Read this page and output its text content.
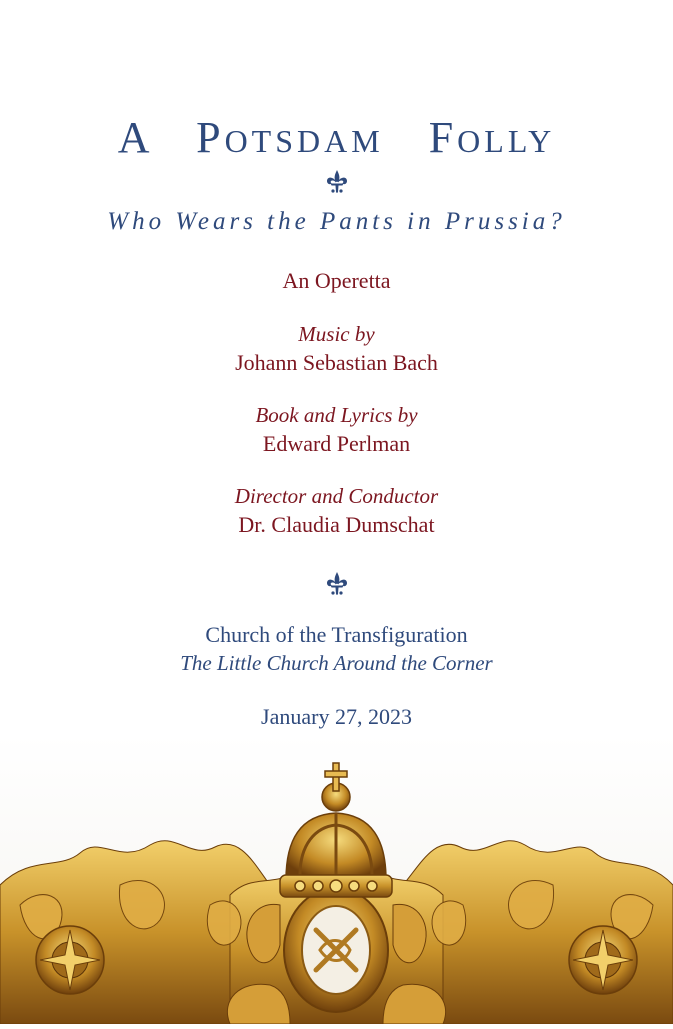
A POTSDAM FOLLY
Who Wears the Pants in Prussia?
An Operetta
Music by
Johann Sebastian Bach
Book and Lyrics by
Edward Perlman
Director and Conductor
Dr. Claudia Dumschat
Church of the Transfiguration
The Little Church Around the Corner
January 27, 2023
